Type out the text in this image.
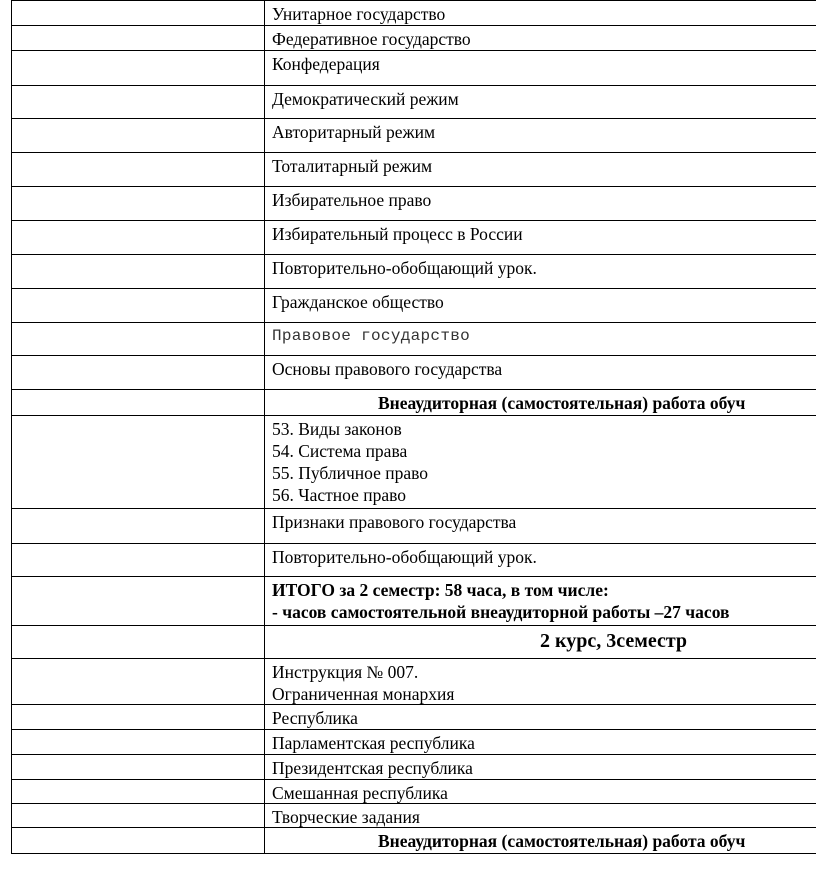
Унитарное государство
Федеративное государство
Конфедерация
Демократический режим
Авторитарный режим
Тоталитарный режим
Избирательное право
Избирательный процесс в России
Повторительно-обобщающий урок.
Гражданское общество
Правовое государство
Основы правового государства
Внеаудиторная (самостоятельная) работа обуч
53. Виды законов
54. Система права
55. Публичное право
56. Частное право
Признаки правового государства
Повторительно-обобщающий урок.
ИТОГО за 2 семестр: 58 часа, в том числе:
- часов самостоятельной внеаудиторной работы –27 часов
2 курс, 3семестр
Инструкция № 007.
Ограниченная монархия
Республика
Парламентская республика
Президентская республика
Смешанная республика
Творческие задания
Внеаудиторная (самостоятельная) работа обуч
